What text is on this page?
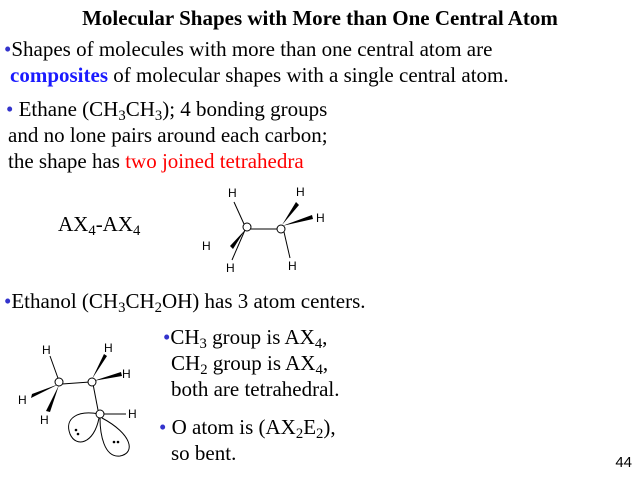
Molecular Shapes with More than One Central Atom
•Shapes of molecules with more than one central atom are
composites of molecular shapes with a single central atom.
• Ethane $(CH_3CH_3)$; 4 bonding groups
and no lone pairs around each carbon;
the shape has two joined tetrahedra
$AX_4-AX_4$
H	H
H
H
H	H
•Ethanol $(CH_3CH_2OH)$ has 3 atom centers.
H	H
H
H
H	H
$•CH_3$ group is $AX_4$,
$CH_2$ group is $AX_4$,
both are tetrahedral.
• O atom is $(AX_2E_2)$,
so bent.	44
